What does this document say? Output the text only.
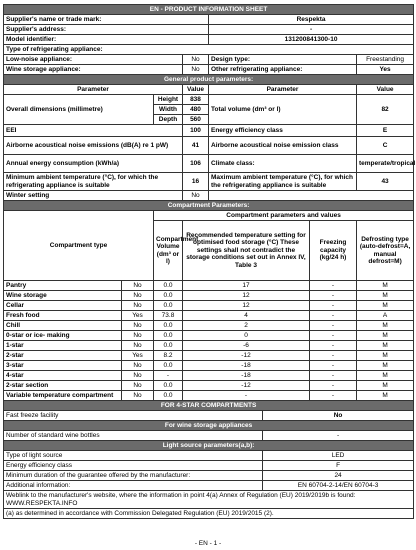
EN - PRODUCT INFORMATION SHEET							
Supplier's name or trade mark:				Respekta			
Supplier's address:				-			
Model identifier:				131200841300-10			
Type of refrigerating appliance:							
Low-noise appliance:			No	Design type:			Freestanding
Wine storage appliance:			No	Other refrigerating appliance:			Yes
General product parameters:							
Parameter			Value	Parameter			Value
Overall dimensions (millimetre)		Height	838	Total volume (dm³ or l)			82
		Width	480				
		Depth	560				
EEI			100	Energy efficiency class			E
Airborne acoustical noise emissions (dB(A) re 1 pW)			41	Airborne acoustical noise emission class			C
Annual energy consumption (kWh/a)			106	Climate class:			temperate/tropical
Minimum ambient temperature (°C), for which the refrigerating appliance is suitable			16	Maximum ambient temperature (°C), for which the refrigerating appliance is suitable			43
Winter setting			No				
Compartment Parameters:							
Compartment type		Compartment parameters and values					
		Compartment Volume (dm³ or l)	Recommended temperature setting for optimised food storage (°C) These settings shall not contradict the storage conditions set out in Annex IV, Table 3			Freezing capacity (kg/24 h)	Defrosting type (auto-defrost=A, manual defrost=M)
Pantry	No	0.0	17			-	M
Wine storage	No	0.0	12			-	M
Cellar	No	0.0	12			-	M
Fresh food	Yes	73.8	4			-	A
Chill	No	0.0	2			-	M
0-star or ice- making	No	0.0	0			-	M
1-star	No	0.0	-6			-	M
2-star	Yes	8.2	-12			-	M
3-star	No	0.0	-18			-	M
4-star	No	-	-18			-	M
2-star section	No	0.0	-12			-	M
Variable temperature compartment	No	0.0	-			-	M
FOR 4-STAR COMPARTMENTS							
Fast freeze facility					No		
For wine storage appliances							
Number of standard wine bottles					-		
Light source parameters(a,b):							
Type of light source					LED		
Energy efficiency class					F		
Minimum duration of the guarantee offered by the manufacturer:					24		
Additional information:					EN 60704-2-14/EN 60704-3		
Weblink to the manufacturer's website, where the information in point 4(a) Annex of Regulation (EU) 2019/2019b is found: WWW.RESPEKTA.INFO							
(a) as determined in accordance with Commission Delegated Regulation (EU) 2019/2015 (2).							
- EN - 1 -
